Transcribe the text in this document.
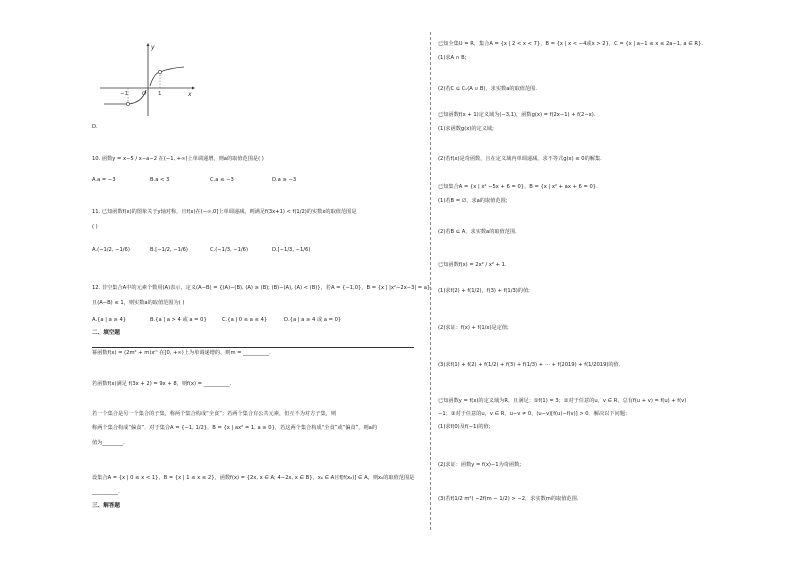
y
x
O
−1	1
D.
10. 函数y = x−5 / x−a−2 在(−1, +∞)上单调递增，则a的取值范围是( )
A.a = −3	B.a < 3	C.a ≤ −3	D.a ≥ −3
11. 已知函数f(x)的图象关于y轴对称，且f(x)在(−∞,0]上单调递减，则满足f(3x+1) < f(1/2)的实数x的取值范围是
( )
A.(−1/2, −1/6)	B.[−1/2, −1/6)	C.(−1/3, −1/6)	D.[−1/3, −1/6)
12. 非空集合A中的元素个数用(A)表示，定义(A−B) = {(A)−(B), (A) ≥ (B); (B)−(A), (A) < (B)}，若A = {−1,0}，B = {x | |x²−2x−3| = a}，
且(A−B) ≤ 1，则实数a的取值范围为( )
A.{a | a ≥ 4}	B.{a | a > 4 或 a = 0}	C.{a | 0 ≤ a ≤ 4}	D.{a | a ≥ 4 或 a = 0}
二、填空题
幂函数f(x) = (2m² + m)xᵐ 在[0, +∞)上为单调递增的，则m = __________.
若函数f(x)满足 f(3x + 2) = 9x + 8，则f(x) = __________.
若一个集合是另一个集合的子集，称两个集合构成“全食”；若两个集合有公共元素，但互不为对方子集，则
称两个集合构成“偏食”．对于集合A = {−1, 1/2}，B = {x | ax² = 1, a ≥ 0}，若这两个集合构成“全食”或“偏食”，则a的
值为________.
设集合A = {x | 0 ≤ x < 1}，B = {x | 1 ≤ x ≤ 2}，函数f(x) = {2x, x ∈ A; 4−2x, x ∈ B}，x₀ ∈ A且f[f(x₀)] ∈ A，则x₀的取值范围是
__________.
三、解答题
已知全集U = R，集合A = {x | 2 < x < 7}，B = {x | x < −4或x > 2}，C = {x | a−1 ≤ x ≤ 2a−1, a ∈ R}.
(1)求A ∩ B;
(2)若C ⊆ ∁ᵤ(A ∪ B)，求实数a的取值范围.
已知函数f(x + 1)定义域为(−3,1)，函数g(x) = f(2x−1) + f(2−x).
(1)求函数g(x)的定义域;
(2)若f(x)是奇函数，且在定义域内单调递减，求不等式g(x) ≤ 0的解集.
已知集合A = {x | x² −5x + 6 = 0}，B = {x | x² + ax + 6 = 0}.
(1)若B = ∅，求a的取值范围;
(2)若B ⊆ A，求实数a的取值范围.
已知函数f(x) = 2x² / x² + 1.
(1)求f(2) + f(1/2)，f(3) + f(1/3)的值;
(2)求证：f(x) + f(1/x)是定值;
(3)求f(1) + f(2) + f(1/2) + f(3) + f(1/3) + ⋯ + f(2019) + f(1/2019)的值.
已知函数y = f(x)的定义域为R，且满足：①f(1) = 3；②对于任意的u，v ∈ R，总有f(u + v) = f(u) + f(v)
−1；③对于任意的u，v ∈ R，u−v ≠ 0，(u−v)[f(u)−f(v)] > 0．解决以下问题：
(1)求f(0)及f(−1)的值;
(2)求证：函数y = f(x)−1为奇函数;
(3)若f(1/2 m²) −2f(m − 1/2) > −2，求实数m的取值范围.
